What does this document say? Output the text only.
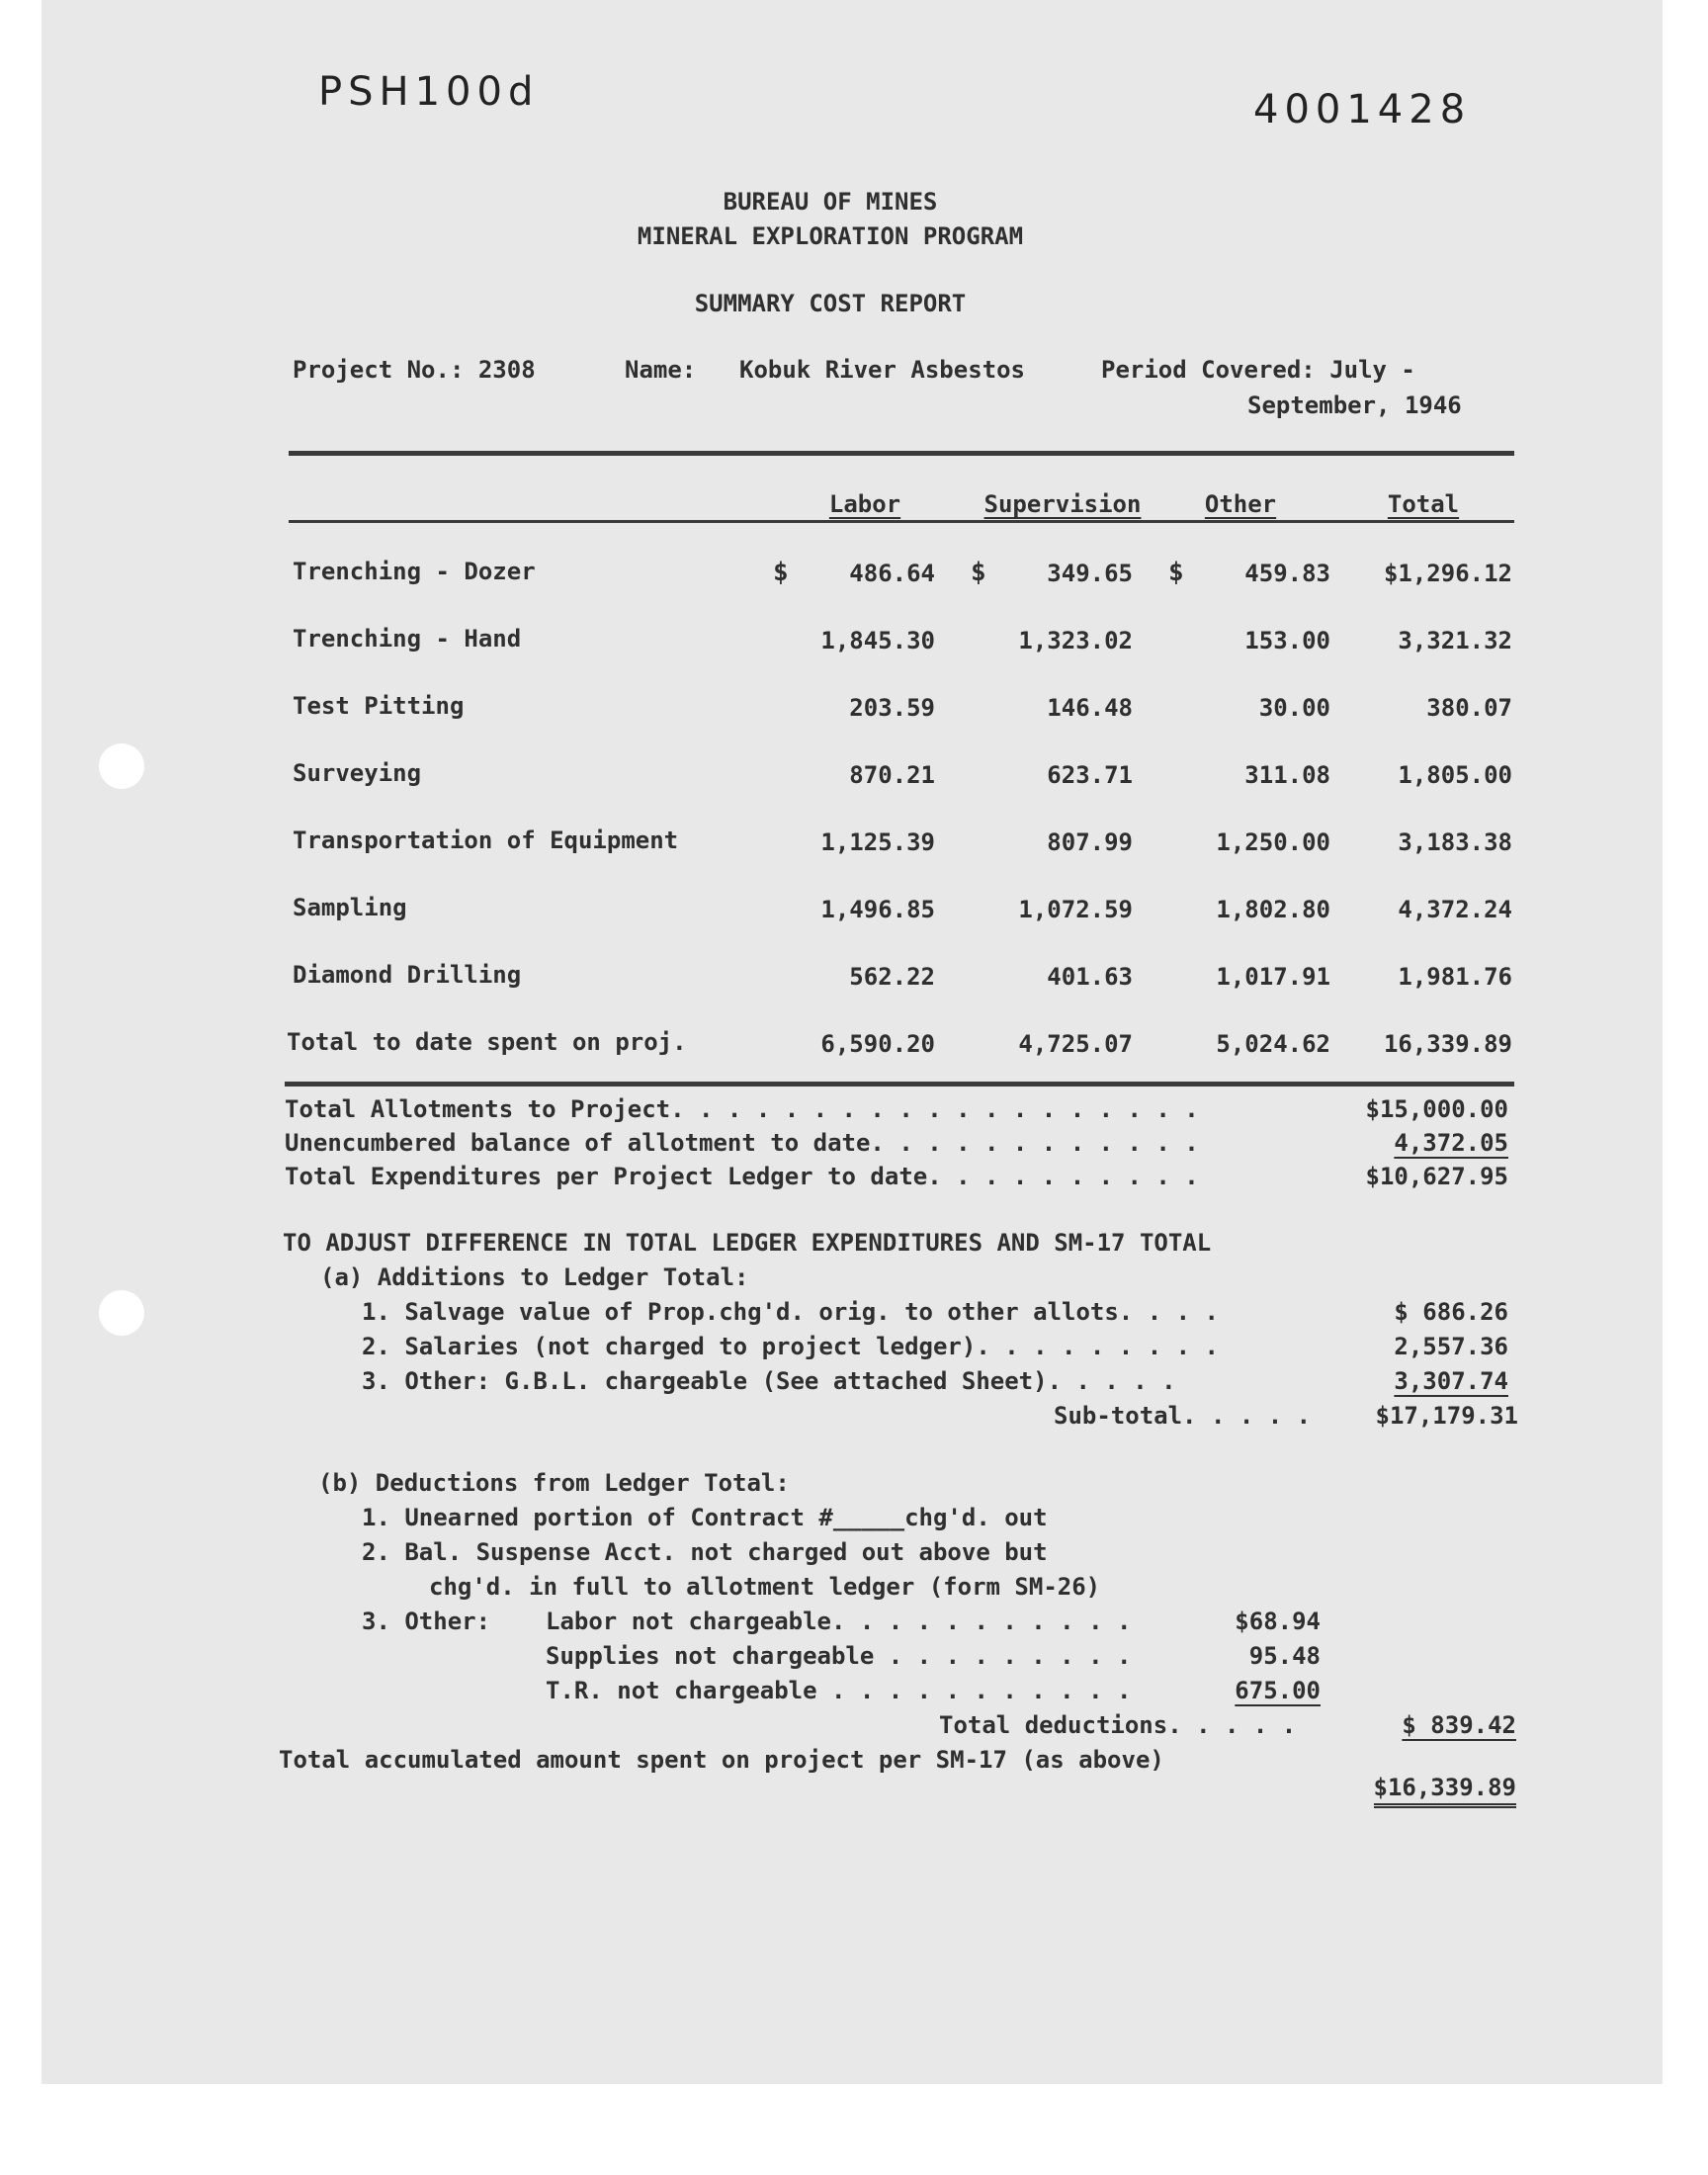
PSH100d	4001428
BUREAU OF MINES
MINERAL EXPLORATION PROGRAM
SUMMARY COST REPORT
Project No.: 2308	Name: Kobuk River Asbestos	Period Covered: July -
September, 1946
Labor	Supervision	Other	Total
$	$	$
Trenching - Dozer	486.64	349.65	459.83	$1,296.12
Trenching - Hand	1,845.30	1,323.02	153.00	3,321.32
Test Pitting	203.59	146.48	30.00	380.07
Surveying	870.21	623.71	311.08	1,805.00
Transportation of Equipment	1,125.39	807.99	1,250.00	3,183.38
Sampling	1,496.85	1,072.59	1,802.80	4,372.24
Diamond Drilling	562.22	401.63	1,017.91	1,981.76
Total to date spent on proj.	6,590.20	4,725.07	5,024.62	16,339.89
Total Allotments to Project. . . . . . . . . . . . . . . . . . .	$15,000.00
Unencumbered balance of allotment to date. . . . . . . . . . . .	4,372.05
Total Expenditures per Project Ledger to date. . . . . . . . . .	$10,627.95
TO ADJUST DIFFERENCE IN TOTAL LEDGER EXPENDITURES AND SM-17 TOTAL
(a) Additions to Ledger Total:
1. Salvage value of Prop.chg'd. orig. to other allots. . . .	$ 686.26
2. Salaries (not charged to project ledger). . . . . . . . .	2,557.36
3. Other: G.B.L. chargeable (See attached Sheet). . . . .	3,307.74
Sub-total. . . . .	$17,179.31
(b) Deductions from Ledger Total:
1. Unearned portion of Contract #_____chg'd. out
2. Bal. Suspense Acct. not charged out above but
chg'd. in full to allotment ledger (form SM-26)
3. Other: Labor not chargeable. . . . . . . . . . .	$68.94
Supplies not chargeable . . . . . . . . .	95.48
T.R. not chargeable . . . . . . . . . . .	675.00
Total deductions. . . . .	$ 839.42
Total accumulated amount spent on project per SM-17 (as above)

$16,339.89
